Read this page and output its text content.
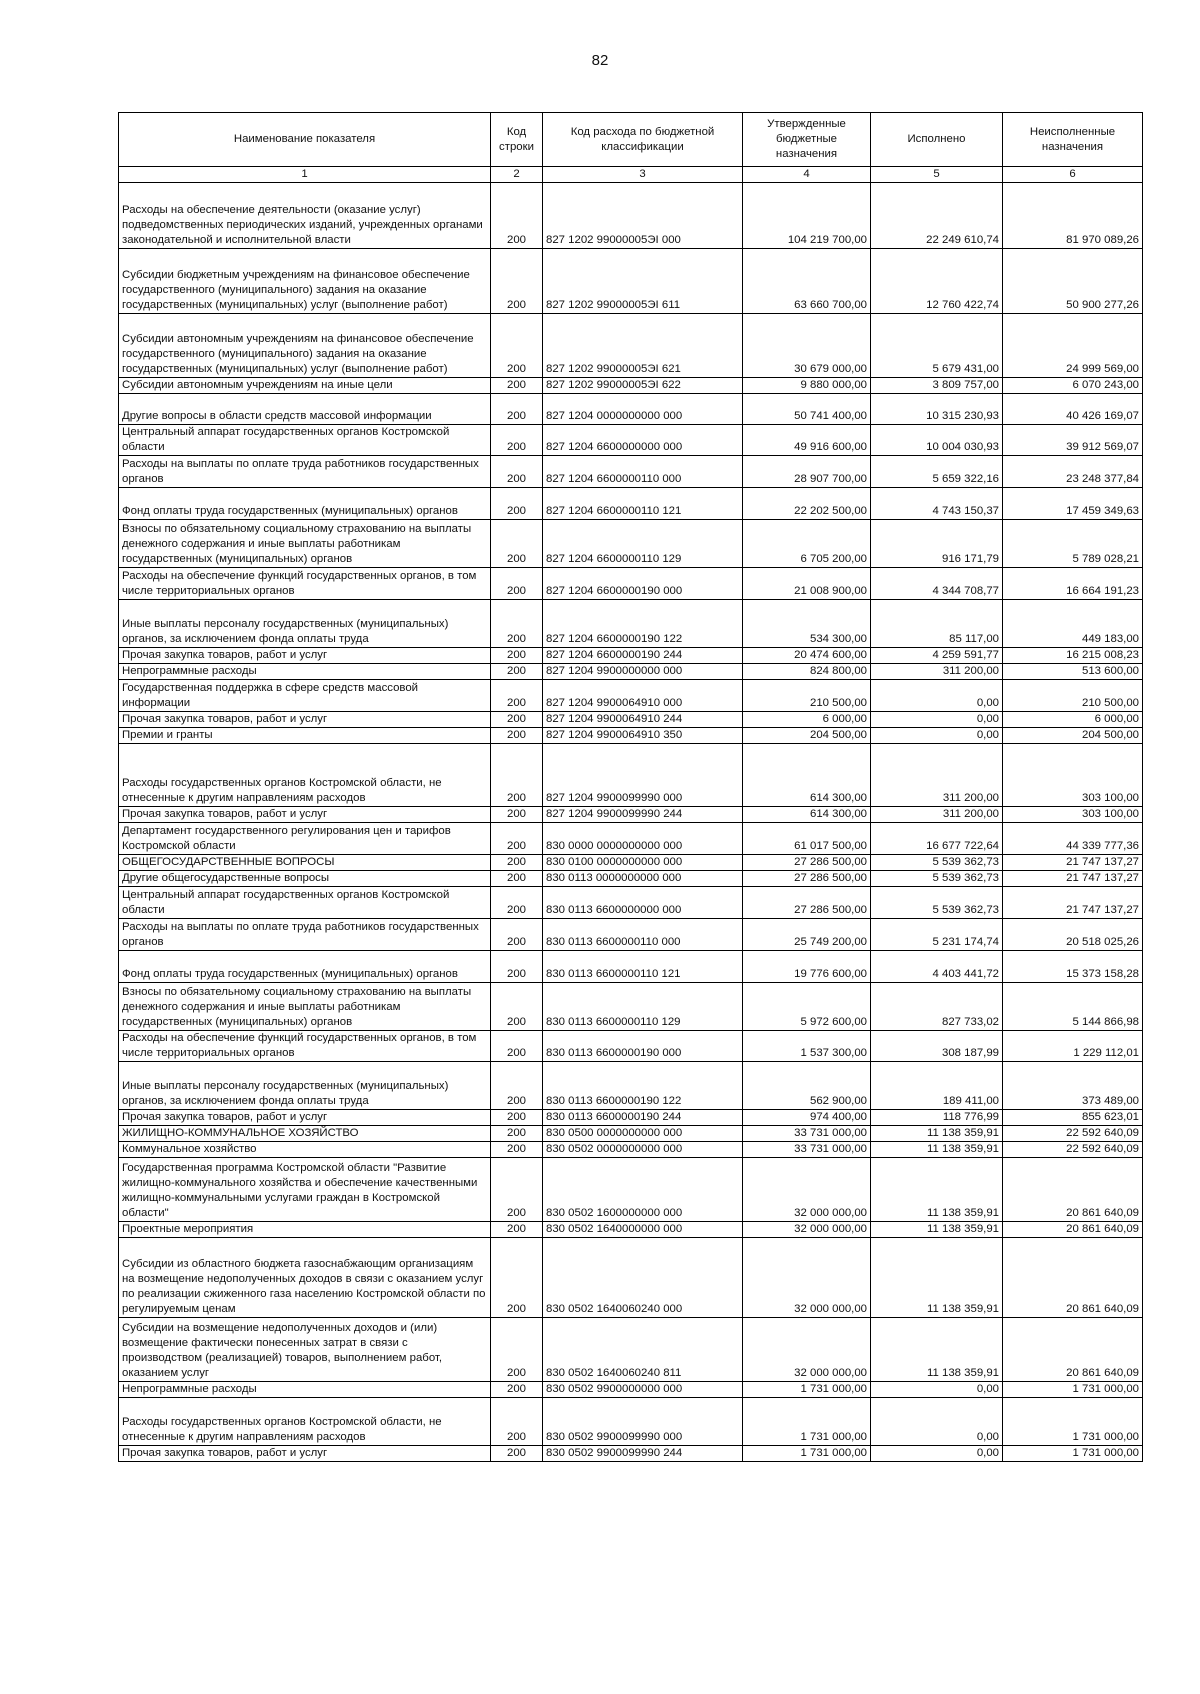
82
Наименование показателя	Код строки	Код расхода по бюджетной классификации	Утвержденные бюджетные назначения	Исполнено	Неисполненные назначения
1	2	3	4	5	6
Расходы на обеспечение деятельности (оказание услуг) подведомственных периодических изданий, учрежденных органами законодательной и исполнительной власти	200	827 1202 99000005ЭI 000	104 219 700,00	22 249 610,74	81 970 089,26
Субсидии бюджетным учреждениям на финансовое обеспечение государственного (муниципального) задания на оказание государственных (муниципальных) услуг (выполнение работ)	200	827 1202 99000005ЭI 611	63 660 700,00	12 760 422,74	50 900 277,26
Субсидии автономным учреждениям на финансовое обеспечение государственного (муниципального) задания на оказание государственных (муниципальных) услуг (выполнение работ)	200	827 1202 99000005ЭI 621	30 679 000,00	5 679 431,00	24 999 569,00
Субсидии автономным учреждениям на иные цели	200	827 1202 99000005ЭI 622	9 880 000,00	3 809 757,00	6 070 243,00
Другие вопросы в области средств массовой информации	200	827 1204 0000000000 000	50 741 400,00	10 315 230,93	40 426 169,07
Центральный аппарат государственных органов Костромской области	200	827 1204 6600000000 000	49 916 600,00	10 004 030,93	39 912 569,07
Расходы на выплаты по оплате труда работников государственных органов	200	827 1204 6600000110 000	28 907 700,00	5 659 322,16	23 248 377,84
Фонд оплаты труда государственных (муниципальных) органов	200	827 1204 6600000110 121	22 202 500,00	4 743 150,37	17 459 349,63
Взносы по обязательному социальному страхованию на выплаты денежного содержания и иные выплаты работникам государственных (муниципальных) органов	200	827 1204 6600000110 129	6 705 200,00	916 171,79	5 789 028,21
Расходы на обеспечение функций государственных органов, в том числе территориальных органов	200	827 1204 6600000190 000	21 008 900,00	4 344 708,77	16 664 191,23
Иные выплаты персоналу государственных (муниципальных) органов, за исключением фонда оплаты труда	200	827 1204 6600000190 122	534 300,00	85 117,00	449 183,00
Прочая закупка товаров, работ и услуг	200	827 1204 6600000190 244	20 474 600,00	4 259 591,77	16 215 008,23
Непрограммные расходы	200	827 1204 9900000000 000	824 800,00	311 200,00	513 600,00
Государственная поддержка в сфере средств массовой информации	200	827 1204 9900064910 000	210 500,00	0,00	210 500,00
Прочая закупка товаров, работ и услуг	200	827 1204 9900064910 244	6 000,00	0,00	6 000,00
Премии и гранты	200	827 1204 9900064910 350	204 500,00	0,00	204 500,00
Расходы государственных органов Костромской области, не отнесенные к другим направлениям расходов	200	827 1204 9900099990 000	614 300,00	311 200,00	303 100,00
Прочая закупка товаров, работ и услуг	200	827 1204 9900099990 244	614 300,00	311 200,00	303 100,00
Департамент государственного регулирования цен и тарифов Костромской области	200	830 0000 0000000000 000	61 017 500,00	16 677 722,64	44 339 777,36
ОБЩЕГОСУДАРСТВЕННЫЕ ВОПРОСЫ	200	830 0100 0000000000 000	27 286 500,00	5 539 362,73	21 747 137,27
Другие общегосударственные вопросы	200	830 0113 0000000000 000	27 286 500,00	5 539 362,73	21 747 137,27
Центральный аппарат государственных органов Костромской области	200	830 0113 6600000000 000	27 286 500,00	5 539 362,73	21 747 137,27
Расходы на выплаты по оплате труда работников государственных органов	200	830 0113 6600000110 000	25 749 200,00	5 231 174,74	20 518 025,26
Фонд оплаты труда государственных (муниципальных) органов	200	830 0113 6600000110 121	19 776 600,00	4 403 441,72	15 373 158,28
Взносы по обязательному социальному страхованию на выплаты денежного содержания и иные выплаты работникам государственных (муниципальных) органов	200	830 0113 6600000110 129	5 972 600,00	827 733,02	5 144 866,98
Расходы на обеспечение функций государственных органов, в том числе территориальных органов	200	830 0113 6600000190 000	1 537 300,00	308 187,99	1 229 112,01
Иные выплаты персоналу государственных (муниципальных) органов, за исключением фонда оплаты труда	200	830 0113 6600000190 122	562 900,00	189 411,00	373 489,00
Прочая закупка товаров, работ и услуг	200	830 0113 6600000190 244	974 400,00	118 776,99	855 623,01
ЖИЛИЩНО-КОММУНАЛЬНОЕ ХОЗЯЙСТВО	200	830 0500 0000000000 000	33 731 000,00	11 138 359,91	22 592 640,09
Коммунальное хозяйство	200	830 0502 0000000000 000	33 731 000,00	11 138 359,91	22 592 640,09
Государственная программа Костромской области "Развитие жилищно-коммунального хозяйства и обеспечение качественными жилищно-коммунальными услугами граждан в Костромской области"	200	830 0502 1600000000 000	32 000 000,00	11 138 359,91	20 861 640,09
Проектные мероприятия	200	830 0502 1640000000 000	32 000 000,00	11 138 359,91	20 861 640,09
Субсидии из областного бюджета газоснабжающим организациям на возмещение недополученных доходов в связи с оказанием услуг по реализации сжиженного газа населению Костромской области по регулируемым ценам	200	830 0502 1640060240 000	32 000 000,00	11 138 359,91	20 861 640,09
Субсидии на возмещение недополученных доходов и (или) возмещение фактически понесенных затрат в связи с производством (реализацией) товаров, выполнением работ, оказанием услуг	200	830 0502 1640060240 811	32 000 000,00	11 138 359,91	20 861 640,09
Непрограммные расходы	200	830 0502 9900000000 000	1 731 000,00	0,00	1 731 000,00
Расходы государственных органов Костромской области, не отнесенные к другим направлениям расходов	200	830 0502 9900099990 000	1 731 000,00	0,00	1 731 000,00
Прочая закупка товаров, работ и услуг	200	830 0502 9900099990 244	1 731 000,00	0,00	1 731 000,00
